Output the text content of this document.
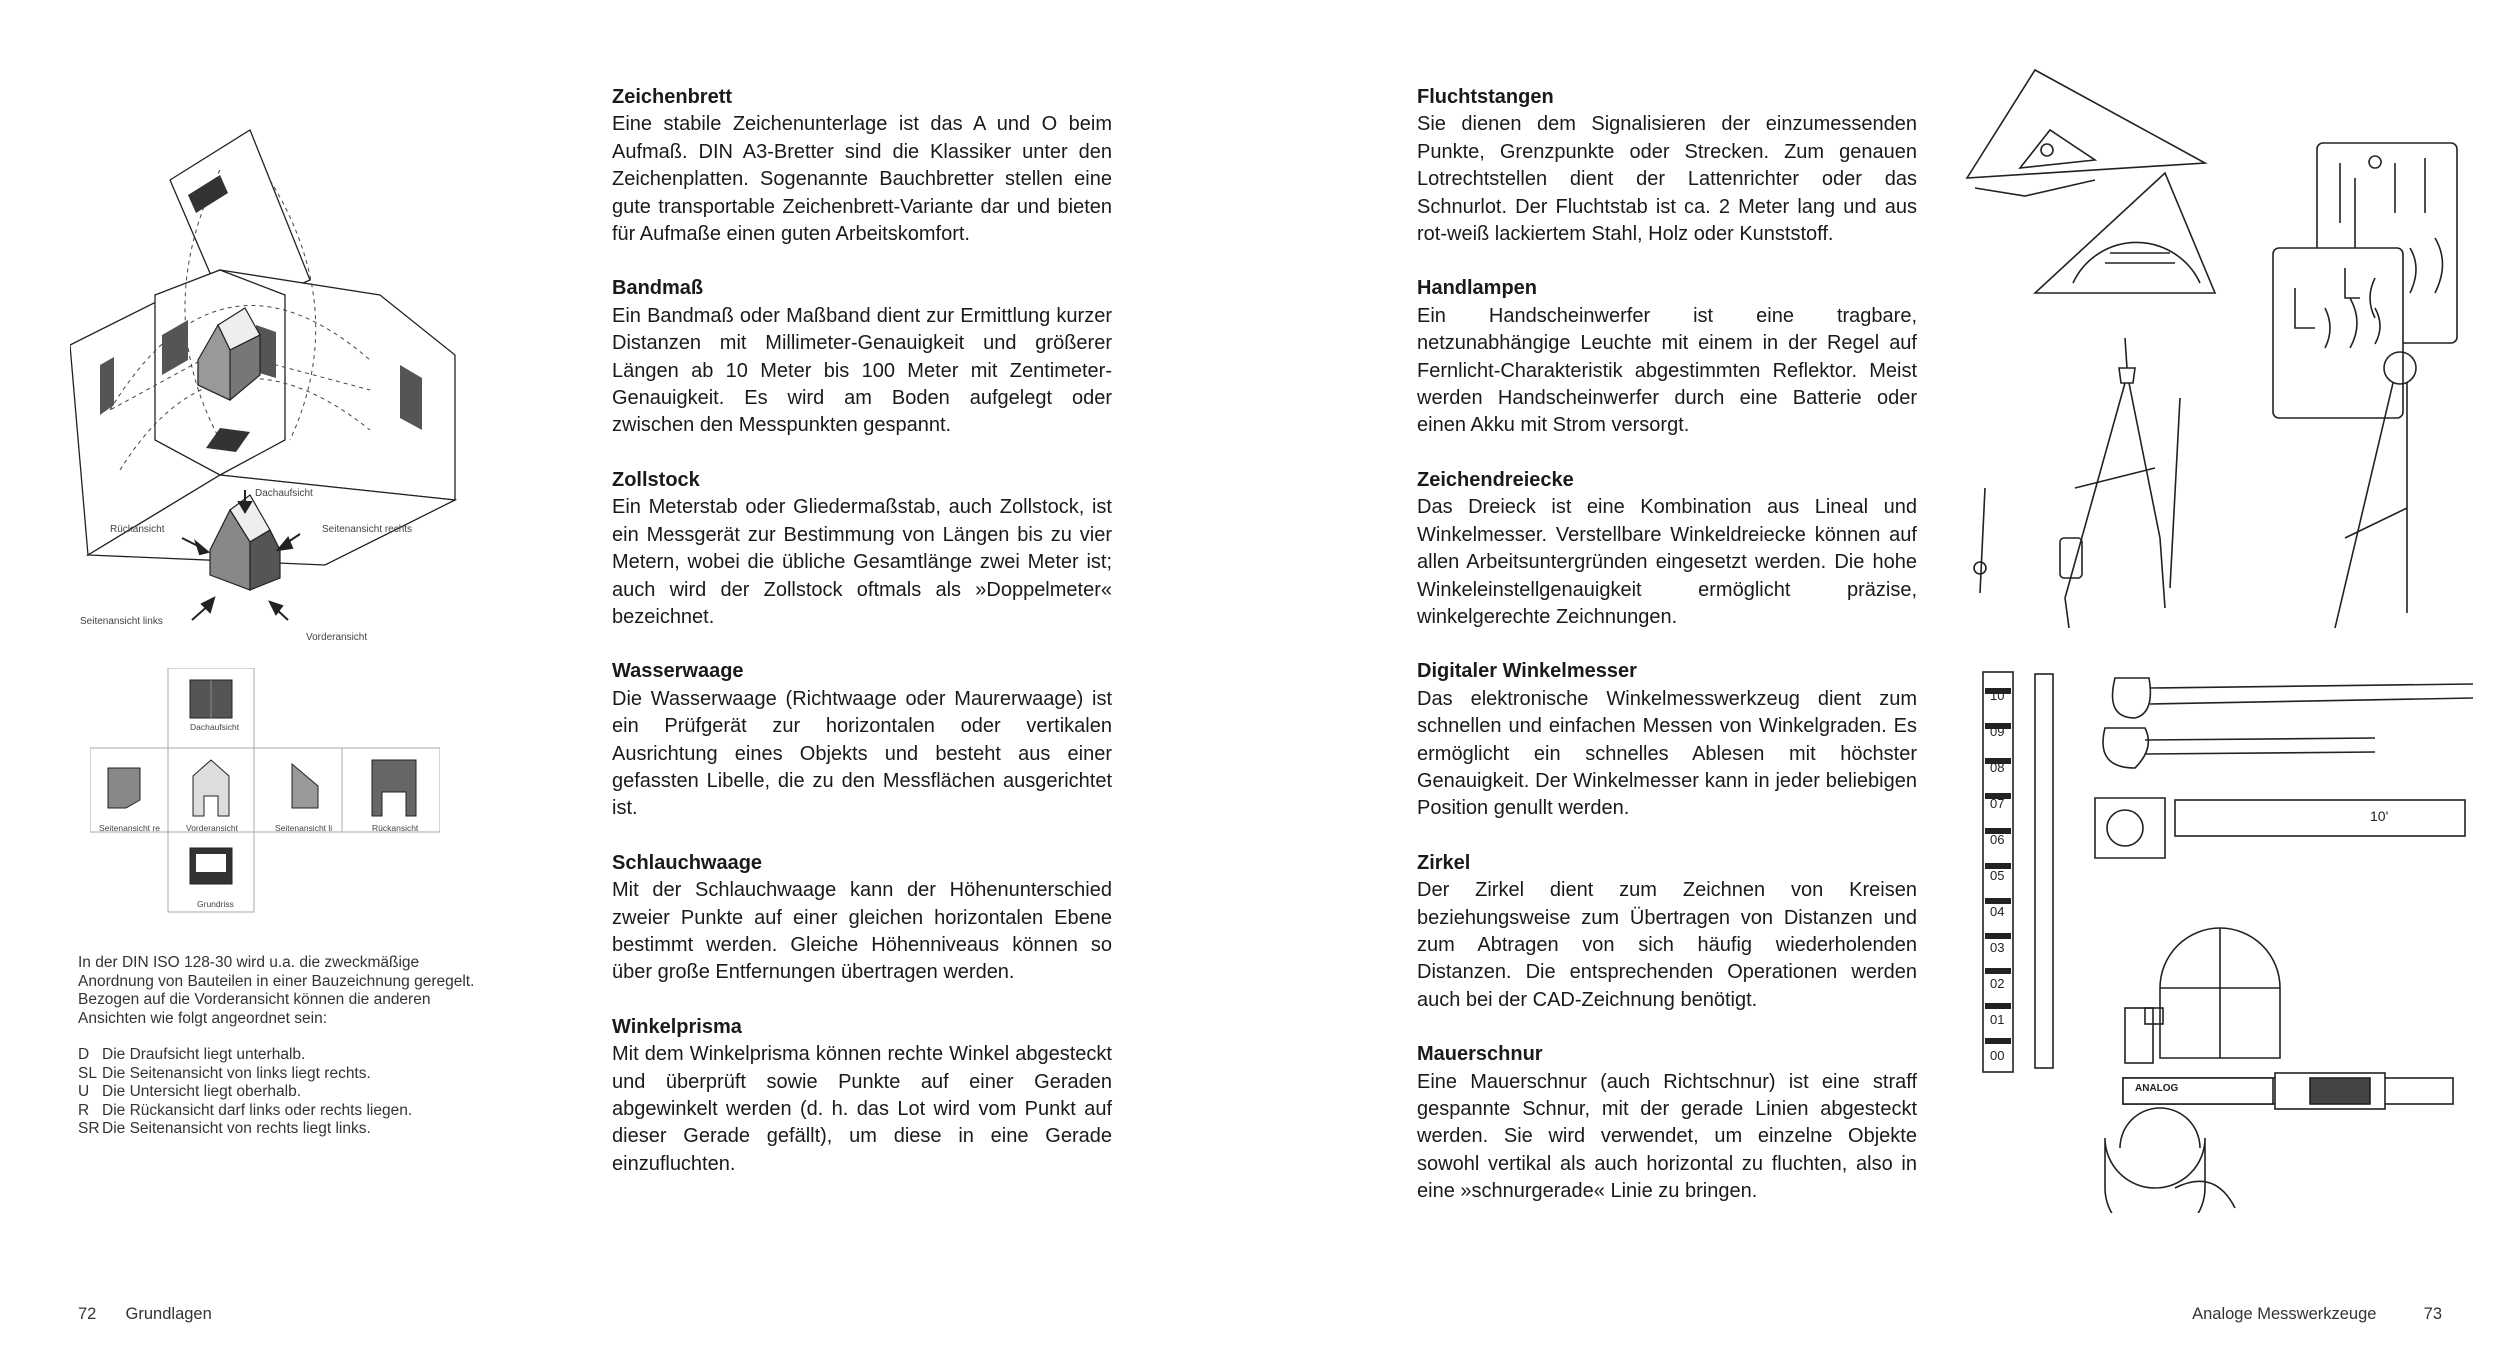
Dachaufsicht
Rückansicht	Seitenansicht rechts
Seitenansicht links
Vorderansicht
Dachaufsicht
Seitenansicht re	Vorderansicht	Seitenansicht li	Rückansicht
Grundriss

In der DIN ISO 128-30 wird u.a. die zweckmäßige Anordnung von Bauteilen in einer Bauzeichnung geregelt. Bezogen auf die Vorderansicht können die anderen Ansichten wie folgt angeordnet sein:

D Die Draufsicht liegt unterhalb.
SL Die Seitenansicht von links liegt rechts.
U Die Untersicht liegt oberhalb.
R Die Rückansicht darf links oder rechts liegen.
SR Die Seitenansicht von rechts liegt links.
Zeichenbrett

Eine stabile Zeichenunterlage ist das A und O beim Aufmaß. DIN A3-Bretter sind die Klassiker unter den Zeichenplatten. Sogenannte Bauchbretter stellen eine gute transportable Zeichenbrett-Variante dar und bieten für Aufmaße einen guten Arbeitskomfort.

Bandmaß

Ein Bandmaß oder Maßband dient zur Ermittlung kurzer Distanzen mit Millimeter-Genauigkeit und größerer Längen ab 10 Meter bis 100 Meter mit Zentimeter-Genauigkeit. Es wird am Boden aufgelegt oder zwischen den Messpunkten gespannt.

Zollstock

Ein Meterstab oder Gliedermaßstab, auch Zollstock, ist ein Messgerät zur Bestimmung von Längen bis zu vier Metern, wobei die übliche Gesamtlänge zwei Meter ist; auch wird der Zollstock oftmals als »Doppelmeter« bezeichnet.

Wasserwaage

Die Wasserwaage (Richtwaage oder Maurerwaage) ist ein Prüfgerät zur horizontalen oder vertikalen Ausrichtung eines Objekts und besteht aus einer gefassten Libelle, die zu den Messflächen ausgerichtet ist.

Schlauchwaage

Mit der Schlauchwaage kann der Höhenunterschied zweier Punkte auf einer gleichen horizontalen Ebene bestimmt werden. Gleiche Höhenniveaus können so über große Entfernungen übertragen werden.

Winkelprisma

Mit dem Winkelprisma können rechte Winkel abgesteckt und überprüft sowie Punkte auf einer Geraden abgewinkelt werden (d. h. das Lot wird vom Punkt auf dieser Gerade gefällt), um diese in eine Gerade einzufluchten.

Fluchtstangen

Sie dienen dem Signalisieren der einzumessenden Punkte, Grenzpunkte oder Strecken. Zum genauen Lotrechtstellen dient der Lattenrichter oder das Schnurlot. Der Fluchtstab ist ca. 2 Meter lang und aus rot-weiß lackiertem Stahl, Holz oder Kunststoff.

Handlampen

Ein Handscheinwerfer ist eine tragbare, netzunabhängige Leuchte mit einem in der Regel auf Fernlicht-Charakteristik abgestimmten Reflektor. Meist werden Handscheinwerfer durch eine Batterie oder einen Akku mit Strom versorgt.

Zeichendreiecke

Das Dreieck ist eine Kombination aus Lineal und Winkelmesser. Verstellbare Winkeldreiecke können auf allen Arbeitsuntergründen eingesetzt werden. Die hohe Winkeleinstellgenauigkeit ermöglicht präzise, winkelgerechte Zeichnungen.

Digitaler Winkelmesser

Das elektronische Winkelmesswerkzeug dient zum schnellen und einfachen Messen von Winkelgraden. Es ermöglicht ein schnelles Ablesen mit höchster Genauigkeit. Der Winkelmesser kann in jeder beliebigen Position genullt werden.

Zirkel

Der Zirkel dient zum Zeichnen von Kreisen beziehungsweise zum Übertragen von Distanzen und zum Abtragen von sich häufig wiederholenden Distanzen. Die entsprechenden Operationen werden auch bei der CAD-Zeichnung benötigt.

Mauerschnur

Eine Mauerschnur (auch Richtschnur) ist eine straff gespannte Schnur, mit der gerade Linien abgesteckt werden. Sie wird verwendet, um einzelne Objekte sowohl vertikal als auch horizontal zu fluchten, also in eine »schnurgerade« Linie zu bringen.

10
09
08
07
06
05
04
03
02
01
00
10'
ANALOG
72 Grundlagen	Analoge Messwerkzeuge	73
